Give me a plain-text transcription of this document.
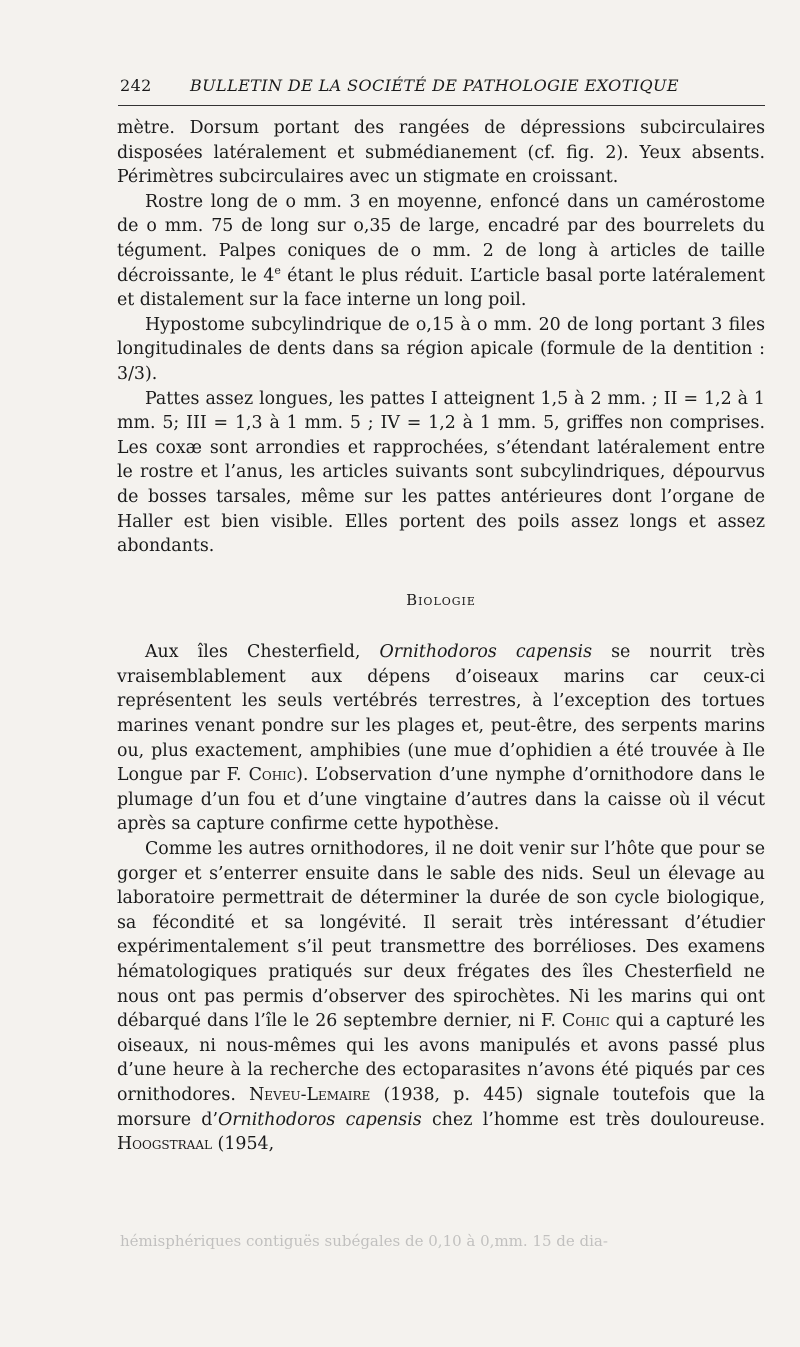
242 BULLETIN DE LA SOCIÉTÉ DE PATHOLOGIE EXOTIQUE

mètre. Dorsum portant des rangées de dépressions subcirculaires disposées latéralement et submédianement (cf. fig. 2). Yeux absents. Périmètres subcirculaires avec un stigmate en croissant.

Rostre long de o mm. 3 en moyenne, enfoncé dans un camérostome de o mm. 75 de long sur o,35 de large, encadré par des bourrelets du tégument. Palpes coniques de o mm. 2 de long à articles de taille décroissante, le 4e étant le plus réduit. L’article basal porte latéralement et distalement sur la face interne un long poil.

Hypostome subcylindrique de o,15 à o mm. 20 de long portant 3 files longitudinales de dents dans sa région apicale (formule de la dentition : 3/3).

Pattes assez longues, les pattes I atteignent 1,5 à 2 mm. ; II = 1,2 à 1 mm. 5; III = 1,3 à 1 mm. 5 ; IV = 1,2 à 1 mm. 5, griffes non comprises. Les coxæ sont arrondies et rapprochées, s’étendant latéralement entre le rostre et l’anus, les articles suivants sont subcylindriques, dépourvus de bosses tarsales, même sur les pattes antérieures dont l’organe de Haller est bien visible. Elles portent des poils assez longs et assez abondants.

Biologie

Aux îles Chesterfield, Ornithodoros capensis se nourrit très vraisemblablement aux dépens d’oiseaux marins car ceux-ci représentent les seuls vertébrés terrestres, à l’exception des tortues marines venant pondre sur les plages et, peut-être, des serpents marins ou, plus exactement, amphibies (une mue d’ophidien a été trouvée à Ile Longue par F. Cohic). L’observation d’une nymphe d’ornithodore dans le plumage d’un fou et d’une vingtaine d’autres dans la caisse où il vécut après sa capture confirme cette hypothèse.

Comme les autres ornithodores, il ne doit venir sur l’hôte que pour se gorger et s’enterrer ensuite dans le sable des nids. Seul un élevage au laboratoire permettrait de déterminer la durée de son cycle biologique, sa fécondité et sa longévité. Il serait très intéressant d’étudier expérimentalement s’il peut transmettre des borrélioses. Des examens hématologiques pratiqués sur deux frégates des îles Chesterfield ne nous ont pas permis d’observer des spirochètes. Ni les marins qui ont débarqué dans l’île le 26 septembre dernier, ni F. Cohic qui a capturé les oiseaux, ni nous-mêmes qui les avons manipulés et avons passé plus d’une heure à la recherche des ectoparasites n’avons été piqués par ces ornithodores. Neveu-Lemaire (1938, p. 445) signale toutefois que la morsure d’Ornithodoros capensis chez l’homme est très douloureuse. Hoogstraal (1954,

hémisphériques contiguës subégales de 0,10 à 0,mm. 15 de dia-
